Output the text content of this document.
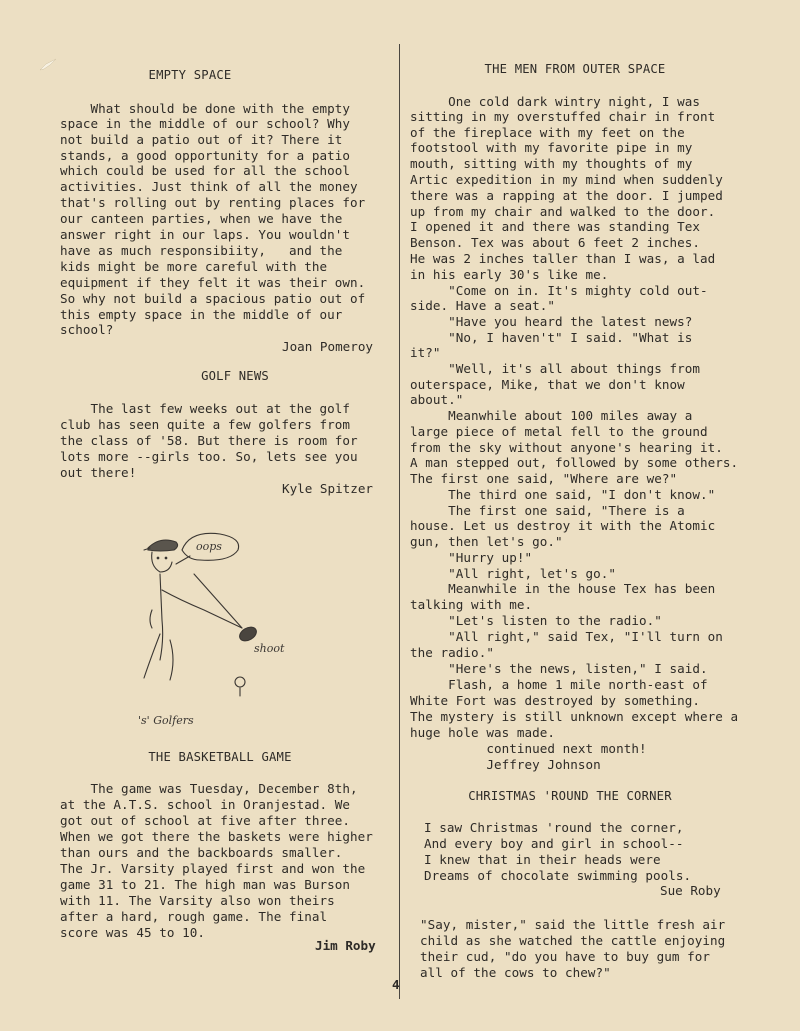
EMPTY SPACE
What should be done with the empty
space in the middle of our school? Why
not build a patio out of it? There it
stands, a good opportunity for a patio
which could be used for all the school
activities. Just think of all the money
that's rolling out by renting places for
our canteen parties, when we have the
answer right in our laps. You wouldn't
have as much responsibiity,   and the
kids might be more careful with the
equipment if they felt it was their own.
So why not build a spacious patio out of
this empty space in the middle of our
school?
Joan Pomeroy
GOLF NEWS
The last few weeks out at the golf
club has seen quite a few golfers from
the class of '58. But there is room for
lots more --girls too. So, lets see you
out there!
Kyle Spitzer
THE BASKETBALL GAME
The game was Tuesday, December 8th,
at the A.T.S. school in Oranjestad. We
got out of school at five after three.
When we got there the baskets were higher
than ours and the backboards smaller.
The Jr. Varsity played first and won the
game 31 to 21. The high man was Burson
with 11. The Varsity also won theirs
after a hard, rough game. The final
score was 45 to 10.
Jim Roby
oops
shoot
's' Golfers
THE MEN FROM OUTER SPACE
One cold dark wintry night, I was
sitting in my overstuffed chair in front
of the fireplace with my feet on the
footstool with my favorite pipe in my
mouth, sitting with my thoughts of my
Artic expedition in my mind when suddenly
there was a rapping at the door. I jumped
up from my chair and walked to the door.
I opened it and there was standing Tex
Benson. Tex was about 6 feet 2 inches.
He was 2 inches taller than I was, a lad
in his early 30's like me.
"Come on in. It's mighty cold out-
side. Have a seat."
"Have you heard the latest news?
"No, I haven't" I said. "What is
it?"
"Well, it's all about things from
outerspace, Mike, that we don't know
about."
Meanwhile about 100 miles away a
large piece of metal fell to the ground
from the sky without anyone's hearing it.
A man stepped out, followed by some others.
The first one said, "Where are we?"
The third one said, "I don't know."
The first one said, "There is a
house. Let us destroy it with the Atomic
gun, then let's go."
"Hurry up!"
"All right, let's go."
Meanwhile in the house Tex has been
talking with me.
"Let's listen to the radio."
"All right," said Tex, "I'll turn on
the radio."
"Here's the news, listen," I said.
Flash, a home 1 mile north-east of
White Fort was destroyed by something.
The mystery is still unknown except where a
huge hole was made.
continued next month!
Jeffrey Johnson
CHRISTMAS 'ROUND THE CORNER
I saw Christmas 'round the corner,
And every boy and girl in school--
I knew that in their heads were
Dreams of chocolate swimming pools.
Sue Roby
"Say, mister," said the little fresh air
child as she watched the cattle enjoying
their cud, "do you have to buy gum for
all of the cows to chew?"
4
